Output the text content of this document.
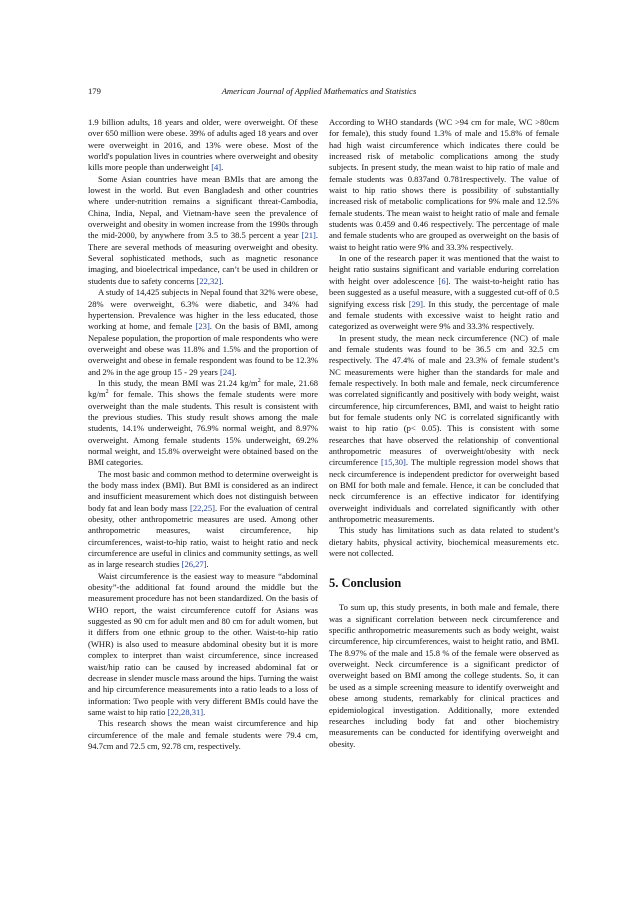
179	American Journal of Applied Mathematics and Statistics

1.9 billion adults, 18 years and older, were overweight. Of these over 650 million were obese. 39% of adults aged 18 years and over were overweight in 2016, and 13% were obese. Most of the world's population lives in countries where overweight and obesity kills more people than underweight [4].

Some Asian countries have mean BMIs that are among the lowest in the world. But even Bangladesh and other countries where under-nutrition remains a significant threat-Cambodia, China, India, Nepal, and Vietnam-have seen the prevalence of overweight and obesity in women increase from the 1990s through the mid-2000, by anywhere from 3.5 to 38.5 percent a year [21]. There are several methods of measuring overweight and obesity. Several sophisticated methods, such as magnetic resonance imaging, and bioelectrical impedance, can’t be used in children or students due to safety concerns [22,32].

A study of 14,425 subjects in Nepal found that 32% were obese, 28% were overweight, 6.3% were diabetic, and 34% had hypertension. Prevalence was higher in the less educated, those working at home, and female [23]. On the basis of BMI, among Nepalese population, the proportion of male respondents who were overweight and obese was 11.8% and 1.5% and the proportion of overweight and obese in female respondent was found to be 12.3% and 2% in the age group 15 - 29 years [24].

In this study, the mean BMI was 21.24 $kg/m^2$ for male, 21.68 $kg/m^2$ for female. This shows the female students were more overweight than the male students. This result is consistent with the previous studies. This study result shows among the male students, 14.1% underweight, 76.9% normal weight, and 8.97% overweight. Among female students 15% underweight, 69.2% normal weight, and 15.8% overweight were obtained based on the BMI categories.

The most basic and common method to determine overweight is the body mass index (BMI). But BMI is considered as an indirect and insufficient measurement which does not distinguish between body fat and lean body mass [22,25]. For the evaluation of central obesity, other anthropometric measures are used. Among other anthropometric measures, waist circumference, hip circumferences, waist-to-hip ratio, waist to height ratio and neck circumference are useful in clinics and community settings, as well as in large research studies [26,27].

Waist circumference is the easiest way to measure “abdominal obesity”-the additional fat found around the middle but the measurement procedure has not been standardized. On the basis of WHO report, the waist circumference cutoff for Asians was suggested as 90 cm for adult men and 80 cm for adult women, but it differs from one ethnic group to the other. Waist-to-hip ratio (WHR) is also used to measure abdominal obesity but it is more complex to interpret than waist circumference, since increased waist/hip ratio can be caused by increased abdominal fat or decrease in slender muscle mass around the hips. Turning the waist and hip circumference measurements into a ratio leads to a loss of information: Two people with very different BMIs could have the same waist to hip ratio [22,28,31].

This research shows the mean waist circumference and hip circumference of the male and female students were 79.4 cm, 94.7cm and 72.5 cm, 92.78 cm, respectively.

According to WHO standards (WC >94 cm for male, WC >80cm for female), this study found 1.3% of male and 15.8% of female had high waist circumference which indicates there could be increased risk of metabolic complications among the study subjects. In present study, the mean waist to hip ratio of male and female students was 0.837and 0.781respectively. The value of waist to hip ratio shows there is possibility of substantially increased risk of metabolic complications for 9% male and 12.5% female students. The mean waist to height ratio of male and female students was 0.459 and 0.46 respectively. The percentage of male and female students who are grouped as overweight on the basis of waist to height ratio were 9% and 33.3% respectively.

In one of the research paper it was mentioned that the waist to height ratio sustains significant and variable enduring correlation with height over adolescence [6]. The waist-to-height ratio has been suggested as a useful measure, with a suggested cut-off of 0.5 signifying excess risk [29]. In this study, the percentage of male and female students with excessive waist to height ratio and categorized as overweight were 9% and 33.3% respectively.

In present study, the mean neck circumference (NC) of male and female students was found to be 36.5 cm and 32.5 cm respectively. The 47.4% of male and 23.3% of female student’s NC measurements were higher than the standards for male and female respectively. In both male and female, neck circumference was correlated significantly and positively with body weight, waist circumference, hip circumferences, BMI, and waist to height ratio but for female students only NC is correlated significantly with waist to hip ratio (p< 0.05). This is consistent with some researches that have observed the relationship of conventional anthropometric measures of overweight/obesity with neck circumference [15,30]. The multiple regression model shows that neck circumference is independent predictor for overweight based on BMI for both male and female. Hence, it can be concluded that neck circumference is an effective indicator for identifying overweight individuals and correlated significantly with other anthropometric measurements.

This study has limitations such as data related to student’s dietary habits, physical activity, biochemical measurements etc. were not collected.

5. Conclusion

To sum up, this study presents, in both male and female, there was a significant correlation between neck circumference and specific anthropometric measurements such as body weight, waist circumference, hip circumferences, waist to height ratio, and BMI. The 8.97% of the male and 15.8 % of the female were observed as overweight. Neck circumference is a significant predictor of overweight based on BMI among the college students. So, it can be used as a simple screening measure to identify overweight and obese among students, remarkably for clinical practices and epidemiological investigation. Additionally, more extended researches including body fat and other biochemistry measurements can be conducted for identifying overweight and obesity.
